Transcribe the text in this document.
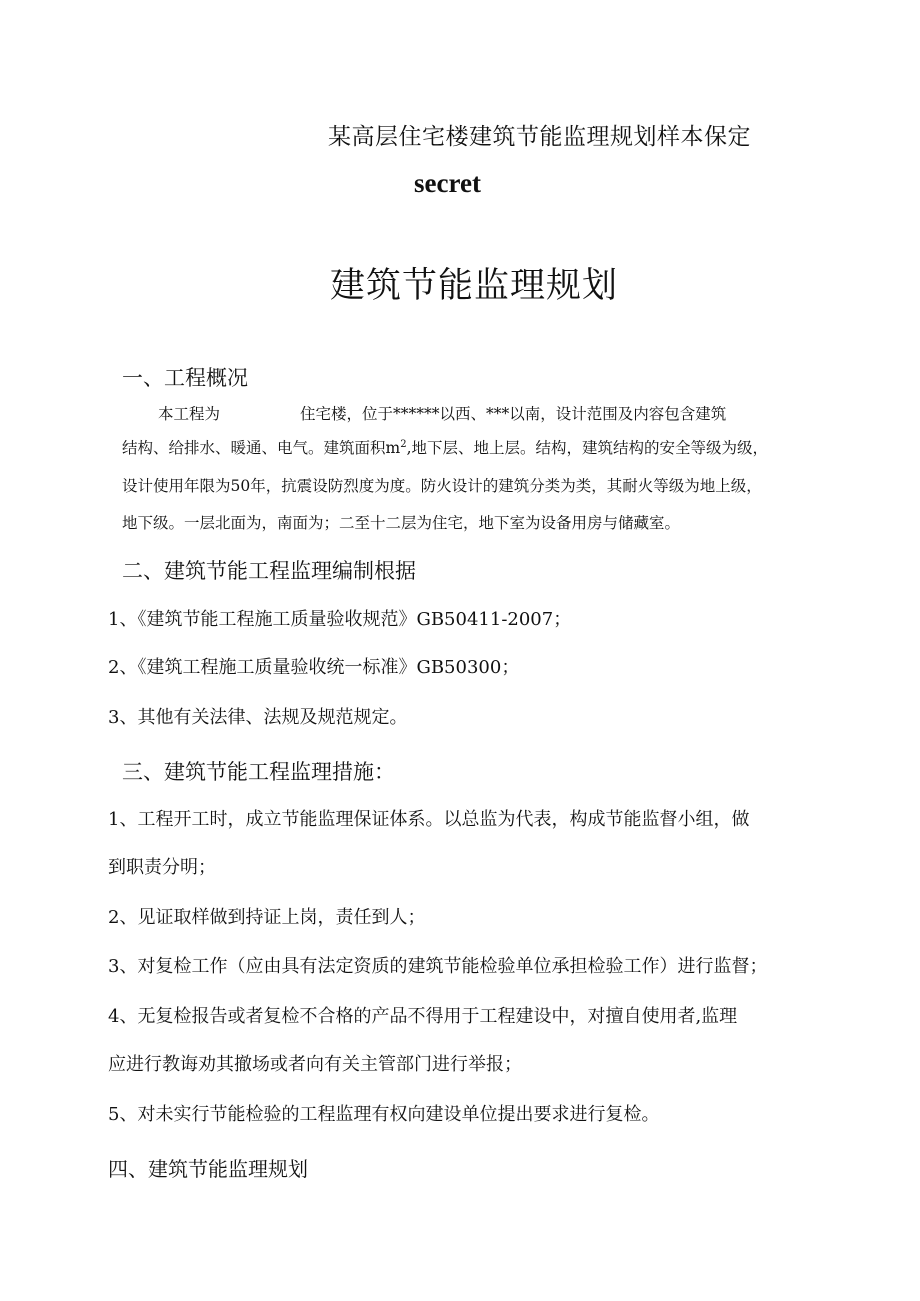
某高层住宅楼建筑节能监理规划样本保定
secret
建筑节能监理规划
一、工程概况
本工程为	住宅楼，位于******以西、***以南，设计范围及内容包含建筑
结构、给排水、暖通、电气。建筑面积$m^2$,地下层、地上层。结构，建筑结构的安全等级为级，
设计使用年限为50年，抗震设防烈度为度。防火设计的建筑分类为类，其耐火等级为地上级，
地下级。一层北面为，南面为；二至十二层为住宅，地下室为设备用房与储藏室。
二、建筑节能工程监理编制根据
1、《建筑节能工程施工质量验收规范》GB50411-2007；
2、《建筑工程施工质量验收统一标准》GB50300；
3、其他有关法律、法规及规范规定。
三、建筑节能工程监理措施：
1、工程开工时，成立节能监理保证体系。以总监为代表，构成节能监督小组，做
到职责分明；
2、见证取样做到持证上岗，责任到人；
3、对复检工作（应由具有法定资质的建筑节能检验单位承担检验工作）进行监督；
4、无复检报告或者复检不合格的产品不得用于工程建设中，对擅自使用者,监理
应进行教诲劝其撤场或者向有关主管部门进行举报；
5、对未实行节能检验的工程监理有权向建设单位提出要求进行复检。
四、建筑节能监理规划
